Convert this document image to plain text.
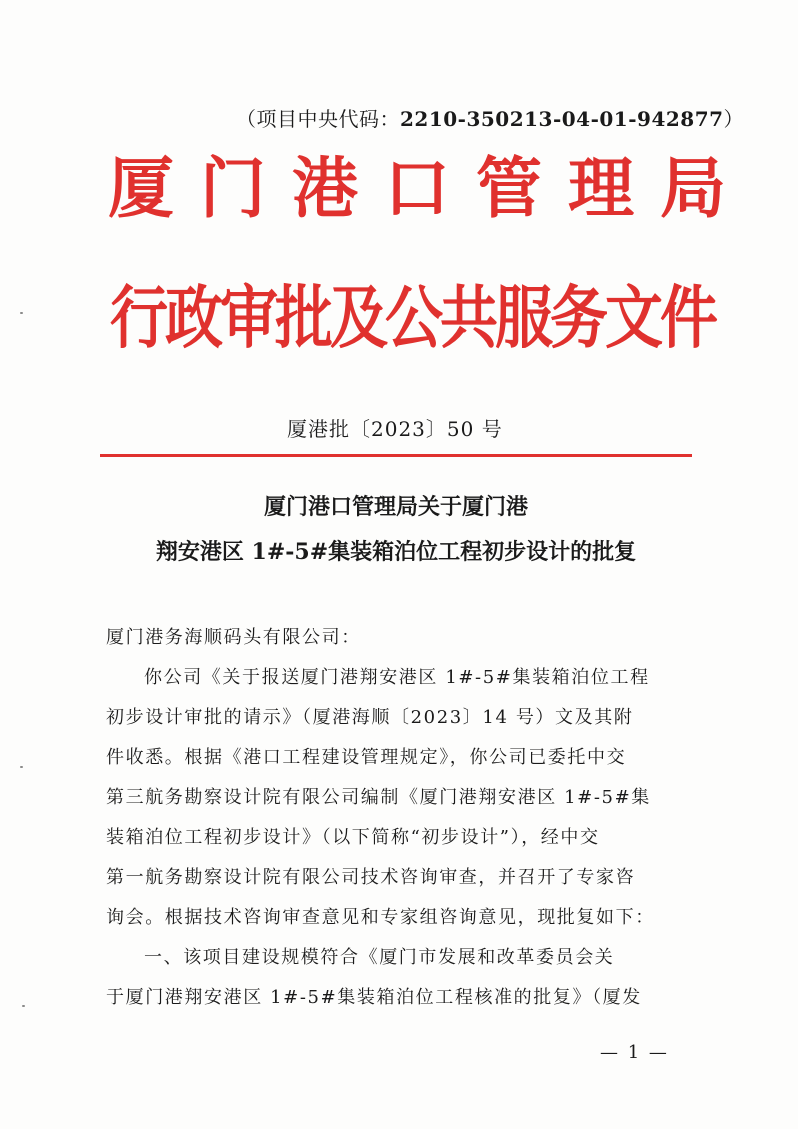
（项目中央代码：2210-350213-04-01-942877）
厦门港口管理局
行政审批及公共服务文件
厦港批〔2023〕50 号
厦门港口管理局关于厦门港
翔安港区 1#-5#集装箱泊位工程初步设计的批复
厦门港务海顺码头有限公司：
你公司《关于报送厦门港翔安港区 1#-5#集装箱泊位工程
初步设计审批的请示》（厦港海顺〔2023〕14 号）文及其附
件收悉。根据《港口工程建设管理规定》，你公司已委托中交
第三航务勘察设计院有限公司编制《厦门港翔安港区 1#-5#集
装箱泊位工程初步设计》（以下简称“初步设计”），经中交
第一航务勘察设计院有限公司技术咨询审查，并召开了专家咨
询会。根据技术咨询审查意见和专家组咨询意见，现批复如下：
一、该项目建设规模符合《厦门市发展和改革委员会关
于厦门港翔安港区 1#-5#集装箱泊位工程核准的批复》（厦发
— 1 —
